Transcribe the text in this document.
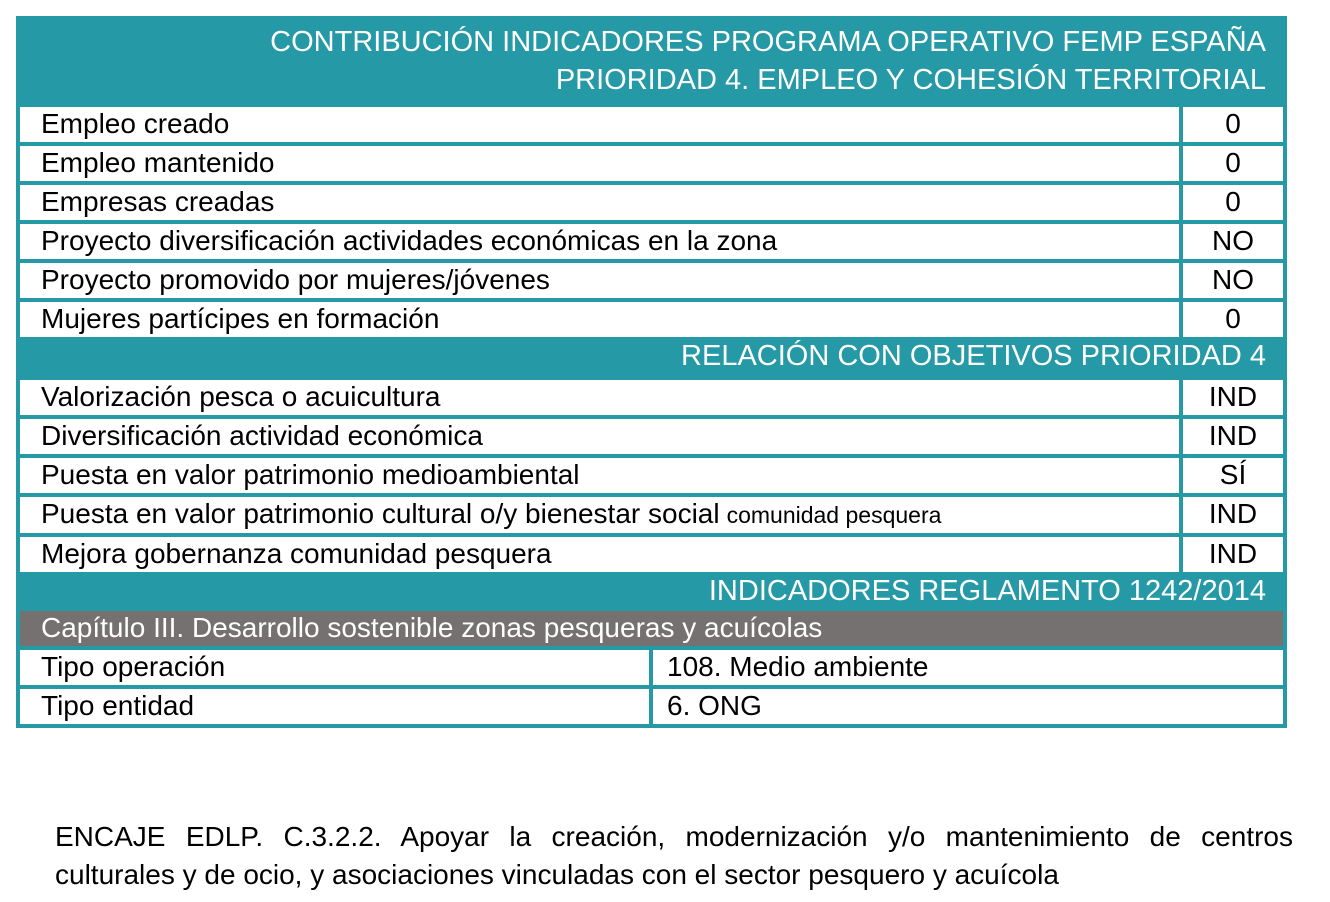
CONTRIBUCIÓN INDICADORES PROGRAMA OPERATIVO FEMP ESPAÑA
PRIORIDAD 4. EMPLEO Y COHESIÓN TERRITORIAL
Empleo creado	0
Empleo mantenido	0
Empresas creadas	0
Proyecto diversificación actividades económicas en la zona	NO
Proyecto promovido por mujeres/jóvenes	NO
Mujeres partícipes en formación	0
RELACIÓN CON OBJETIVOS PRIORIDAD 4
Valorización pesca o acuicultura	IND
Diversificación actividad económica	IND
Puesta en valor patrimonio medioambiental	SÍ
Puesta en valor patrimonio cultural o/y bienestar social comunidad pesquera	IND
Mejora gobernanza comunidad pesquera	IND
INDICADORES REGLAMENTO 1242/2014
Capítulo III. Desarrollo sostenible zonas pesqueras y acuícolas
Tipo operación	108. Medio ambiente
Tipo entidad	6. ONG

ENCAJE EDLP. C.3.2.2. Apoyar la creación, modernización y/o mantenimiento de centros culturales y de ocio, y asociaciones vinculadas con el sector pesquero y acuícola
